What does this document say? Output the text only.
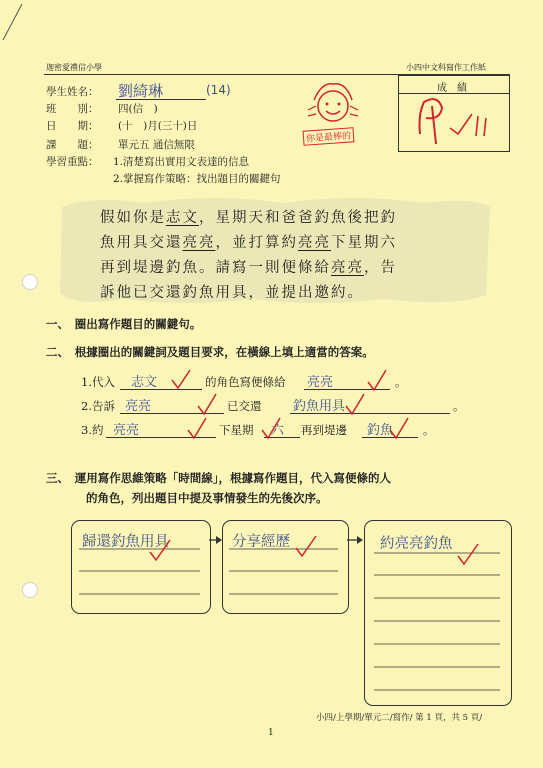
迦密愛禮信小學	小四中文科寫作工作紙
成　績
學生姓名： 劉綺琳	(14)
班　　別： 四(信　)
日　　期： (十　)月(三十)日
課　　題： 單元五 通信無限
學習重點： 1.清楚寫出實用文表達的信息
2.掌握寫作策略：找出題目的關鍵句
你是最棒的
假如你是志文，星期天和爸爸釣魚後把釣
魚用具交還亮亮，並打算約亮亮下星期六
再到堤邊釣魚。請寫一則便條給亮亮，告
訴他已交還釣魚用具，並提出邀約。
一、　圈出寫作題目的關鍵句。
二、　根據圈出的關鍵詞及題目要求，在橫線上填上適當的答案。
1.代入 志文	的角色寫便條給 亮亮	。
2.告訴 亮亮	已交還 釣魚用具	。
3.約 亮亮	下星期 六 再到堤邊 釣魚	。
三、　運用寫作思維策略「時間線」，根據寫作題目，代入寫便條的人
的角色，列出題目中提及事情發生的先後次序。
歸還釣魚用具	分享經歷	約亮亮釣魚
小四/上學期/單元二/寫作/ 第 1 頁，共 5 頁/
1
